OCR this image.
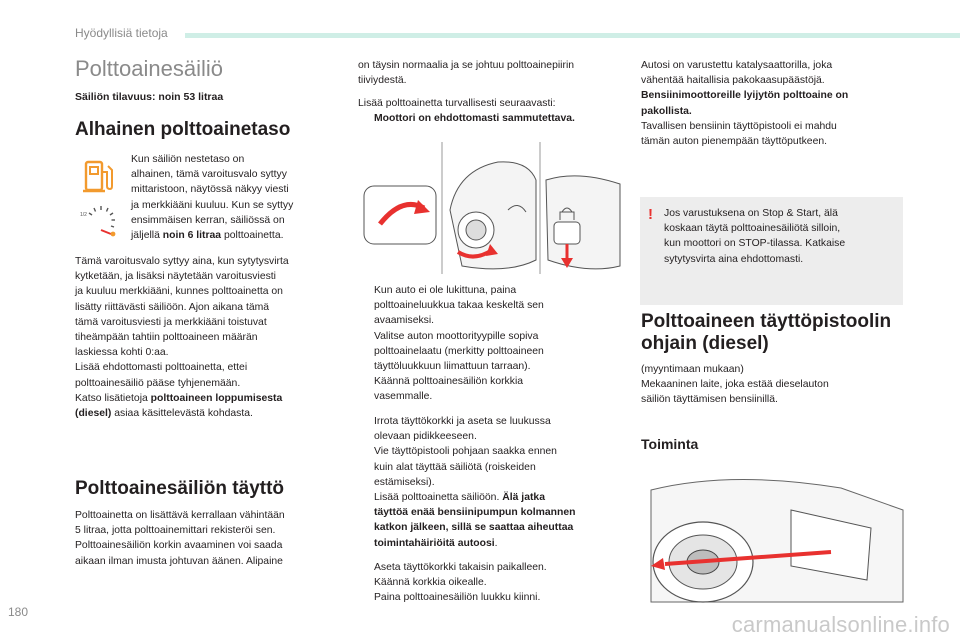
Hyödyllisiä tietoja
Polttoainesäiliö
Säiliön tilavuus: noin 53 litraa
Alhainen polttoainetaso
1/2
Kun säiliön nestetaso on
alhainen, tämä varoitusvalo syttyy
mittaristoon, näytössä näkyy viesti
ja merkkiääni kuuluu. Kun se syttyy
ensimmäisen kerran, säiliössä on
jäljellä noin 6 litraa polttoainetta.
Tämä varoitusvalo syttyy aina, kun sytytysvirta
kytketään, ja lisäksi näytetään varoitusviesti
ja kuuluu merkkiääni, kunnes polttoainetta on
lisätty riittävästi säiliöön. Ajon aikana tämä
tämä varoitusviesti ja merkkiääni toistuvat
tiheämpään tahtiin polttoaineen määrän
laskiessa kohti 0:aa.
Lisää ehdottomasti polttoainetta, ettei
polttoainesäiliö pääse tyhjenemään.
Katso lisätietoja polttoaineen loppumisesta
(diesel) asiaa käsittelevästä kohdasta.
Polttoainesäiliön täyttö
Polttoainetta on lisättävä kerrallaan vähintään
5 litraa, jotta polttoainemittari rekisteröi sen.
Polttoainesäiliön korkin avaaminen voi saada
aikaan ilman imusta johtuvan äänen. Alipaine
on täysin normaalia ja se johtuu polttoainepiirin
tiiviydestä.
Lisää polttoainetta turvallisesti seuraavasti:
Moottori on ehdottomasti sammutettava.
Kun auto ei ole lukittuna, paina
polttoaineluukkua takaa keskeltä sen
avaamiseksi.
Valitse auton moottorityypille sopiva
polttoainelaatu (merkitty polttoaineen
täyttöluukkuun liimattuun tarraan).
Käännä polttoainesäiliön korkkia
vasemmalle.
Irrota täyttökorkki ja aseta se luukussa
olevaan pidikkeeseen.
Vie täyttöpistooli pohjaan saakka ennen
kuin alat täyttää säiliötä (roiskeiden
estämiseksi).
Lisää polttoainetta säiliöön. Älä jatka
täyttöä enää bensiinipumpun kolmannen
katkon jälkeen, sillä se saattaa aiheuttaa
toimintahäiriöitä autoosi.
Aseta täyttökorkki takaisin paikalleen.
Käännä korkkia oikealle.
Paina polttoainesäiliön luukku kiinni.
Autosi on varustettu katalysaattorilla, joka
vähentää haitallisia pakokaasupäästöjä.
Bensiinimoottoreille lyijytön polttoaine on
pakollista.
Tavallisen bensiinin täyttöpistooli ei mahdu
tämän auton pienempään täyttöputkeen.
! Jos varustuksena on Stop & Start, älä
koskaan täytä polttoainesäiliötä silloin,
kun moottori on STOP-tilassa. Katkaise
sytytysvirta aina ehdottomasti.
Polttoaineen täyttöpistoolin
ohjain (diesel)
(myyntimaan mukaan)
Mekaaninen laite, joka estää dieselauton
säiliön täyttämisen bensiinillä.
Toiminta
180	carmanualsonline.info
